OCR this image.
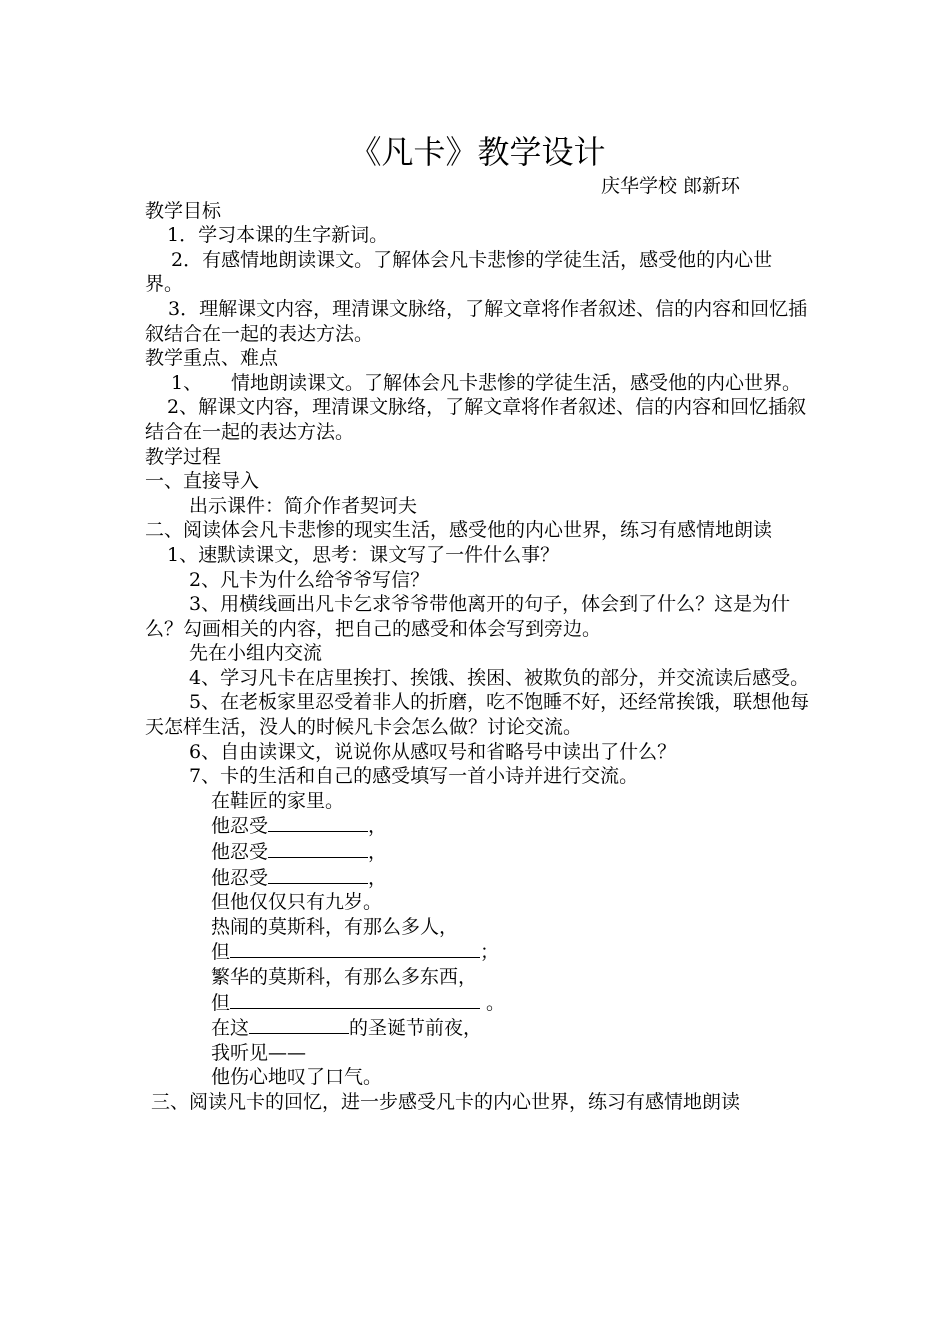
《凡卡》教学设计

庆华学校 郎新环

教学目标

1．学习本课的生字新词。

2．有感情地朗读课文。了解体会凡卡悲惨的学徒生活，感受他的内心世界。

3．理解课文内容，理清课文脉络，了解文章将作者叙述、信的内容和回忆插叙结合在一起的表达方法。

教学重点、难点

1、	情地朗读课文。了解体会凡卡悲惨的学徒生活，感受他的内心世界。

2、解课文内容，理清课文脉络，了解文章将作者叙述、信的内容和回忆插叙结合在一起的表达方法。

教学过程

一、直接导入

出示课件：简介作者契诃夫

二、阅读体会凡卡悲惨的现实生活，感受他的内心世界，练习有感情地朗读

1、速默读课文，思考：课文写了一件什么事？

2、凡卡为什么给爷爷写信？

3、用横线画出凡卡乞求爷爷带他离开的句子，体会到了什么？这是为什么？勾画相关的内容，把自己的感受和体会写到旁边。

先在小组内交流

4、学习凡卡在店里挨打、挨饿、挨困、被欺负的部分，并交流读后感受。

5、在老板家里忍受着非人的折磨，吃不饱睡不好，还经常挨饿，联想他每天怎样生活，没人的时候凡卡会怎么做？讨论交流。

6、自由读课文，说说你从感叹号和省略号中读出了什么？

7、卡的生活和自己的感受填写一首小诗并进行交流。

在鞋匠的家里。

他忍受	，

他忍受	，

他忍受	，

但他仅仅只有九岁。

热闹的莫斯科，有那么多人，

但	；

繁华的莫斯科，有那么多东西，

但	。

在这	的圣诞节前夜，

我听见——

他伤心地叹了口气。

三、阅读凡卡的回忆，进一步感受凡卡的内心世界，练习有感情地朗读
